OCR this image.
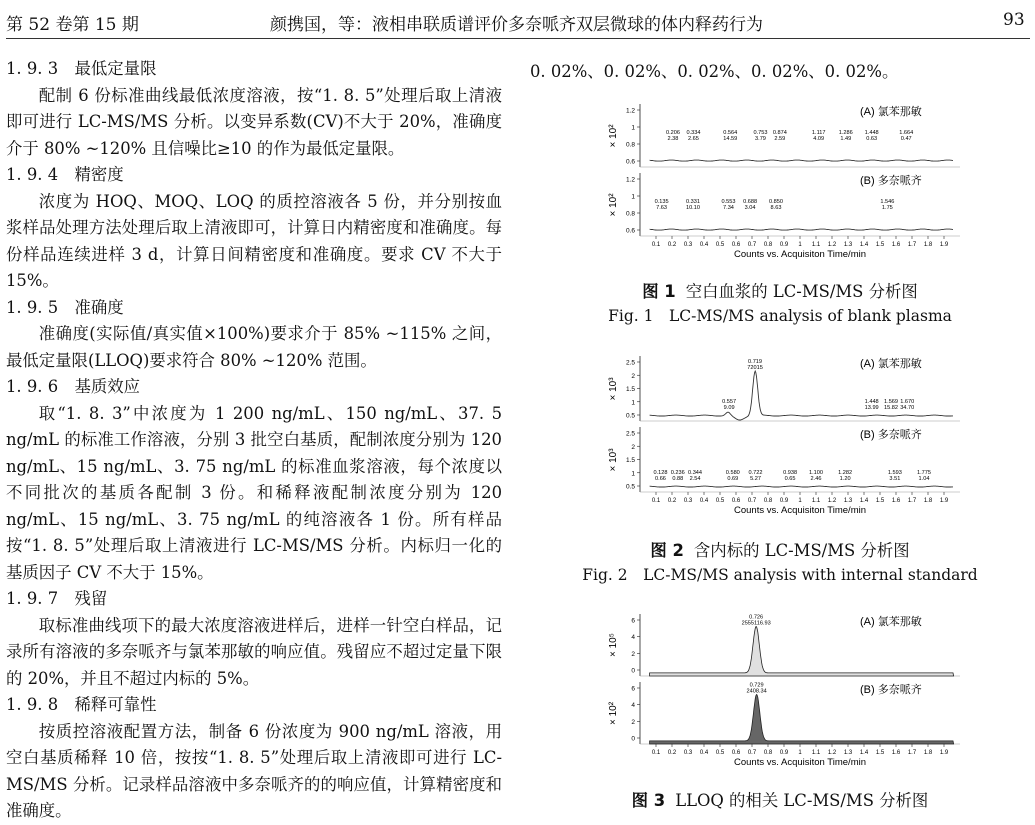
第 52 卷第 15 期	颜携国，等：液相串联质谱评价多奈哌齐双层微球的体内释药行为	93

1. 9. 3　最低定量限

配制 6 份标准曲线最低浓度溶液，按“1. 8. 5”处理后取上清液即可进行 LC-MS/MS 分析。以变异系数(CV)不大于 20%，准确度介于 80% ~120% 且信噪比≥10 的作为最低定量限。

1. 9. 4　精密度

浓度为 HOQ、MOQ、LOQ 的质控溶液各 5 份，并分别按血浆样品处理方法处理后取上清液即可，计算日内精密度和准确度。每份样品连续进样 3 d，计算日间精密度和准确度。要求 CV 不大于 15%。

1. 9. 5　准确度

准确度(实际值/真实值×100%)要求介于 85% ~115% 之间，最低定量限(LLOQ)要求符合 80% ~120% 范围。

1. 9. 6　基质效应

取“1. 8. 3”中浓度为 1 200 ng/mL、150 ng/mL、37. 5 ng/mL 的标准工作溶液，分别 3 批空白基质，配制浓度分别为 120 ng/mL、15 ng/mL、3. 75 ng/mL 的标准血浆溶液，每个浓度以不同批次的基质各配制 3 份。和稀释液配制浓度分别为 120 ng/mL、15 ng/mL、3. 75 ng/mL 的纯溶液各 1 份。所有样品按“1. 8. 5”处理后取上清液进行 LC-MS/MS 分析。内标归一化的基质因子 CV 不大于 15%。

1. 9. 7　残留

取标准曲线项下的最大浓度溶液进样后，进样一针空白样品，记录所有溶液的多奈哌齐与氯苯那敏的响应值。残留应不超过定量下限的 20%，并且不超过内标的 5%。

1. 9. 8　稀释可靠性

按质控溶液配置方法，制备 6 份浓度为 900 ng/mL 溶液，用空白基质稀释 10 倍，按按“1. 8. 5”处理后取上清液即可进行 LC-MS/MS 分析。记录样品溶液中多奈哌齐的的响应值，计算精密度和准确度。

0. 02%、0. 02%、0. 02%、0. 02%、0. 02%。
× 10²
1.2
1
0.8
0.6
(A) 氯苯那敏
0.206
2.38
0.334
2.65
0.564
14.59
0.753
3.79
0.874
2.59
1.117
4.09
1.286
1.49
1.448
0.63
1.664
0.47
× 10²
1.2
1
0.8
0.6
(B) 多奈哌齐
0.135
7.63
0.331
10.10
0.553
7.34
0.688
3.04
0.850
8.63
1.546
1.75
0.1 0.2 0.3 0.4 0.5 0.6 0.7 0.8 0.9 1 1.1 1.2 1.3 1.4 1.5 1.6 1.7 1.8 1.9
Counts vs. Acquisiton Time/min
图 1 空白血浆的 LC-MS/MS 分析图
Fig. 1　LC-MS/MS analysis of blank plasma
× 10³
2.5
2
1.5
1
0.5
(A) 氯苯那敏
0.557
9.09
0.719
72015
1.448
13.99
1.569
15.82
1.670
34.70
× 10³
2.5
2
1.5
1
0.5
(B) 多奈哌齐
0.128
0.66
0.236
0.88
0.344
2.54
0.580
0.69
0.722
5.27
0.938
0.65
1.100
2.46
1.282
1.20
1.593
3.51
1.775
1.04
0.1 0.2 0.3 0.4 0.5 0.6 0.7 0.8 0.9 1 1.1 1.2 1.3 1.4 1.5 1.6 1.7 1.8 1.9
Counts vs. Acquisiton Time/min
图 2 含内标的 LC-MS/MS 分析图
Fig. 2　LC-MS/MS analysis with internal standard
× 10⁵
6
4
2
0
(A) 氯苯那敏
0.726
2555116.93
× 10²
6
4
2
0
(B) 多奈哌齐
0.729
2408.34
0.1 0.2 0.3 0.4 0.5 0.6 0.7 0.8 0.9 1 1.1 1.2 1.3 1.4 1.5 1.6 1.7 1.8 1.9
Counts vs. Acquisiton Time/min
图 3 LLOQ 的相关 LC-MS/MS 分析图
